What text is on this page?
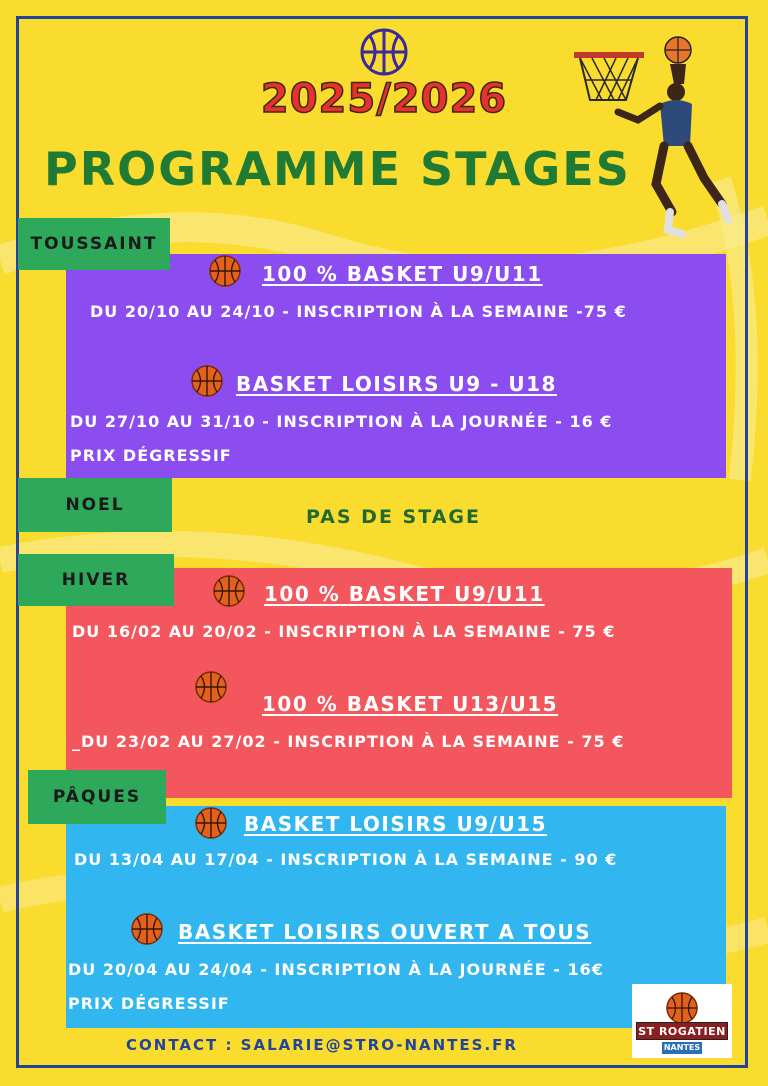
2025/2026
PROGRAMME STAGES
TOUSSAINT
100 % BASKET U9/U11
DU 20/10 AU 24/10 - INSCRIPTION À LA SEMAINE -75 €
BASKET LOISIRS U9 - U18
DU 27/10 AU 31/10 - INSCRIPTION À LA JOURNÉE - 16 €
PRIX DÉGRESSIF
NOEL
PAS DE STAGE
HIVER
100 % BASKET U9/U11
DU 16/02 AU 20/02 - INSCRIPTION À LA SEMAINE - 75 €
100 % BASKET U13/U15
_DU 23/02 AU 27/02 - INSCRIPTION À LA SEMAINE - 75 €
PÂQUES
BASKET LOISIRS U9/U15
DU 13/04 AU 17/04 - INSCRIPTION À LA SEMAINE - 90 €
BASKET LOISIRS OUVERT A TOUS
DU 20/04 AU 24/04 - INSCRIPTION À LA JOURNÉE - 16€
PRIX DÉGRESSIF
ST ROGATIEN
NANTES
CONTACT : SALARIE@STRO-NANTES.FR
